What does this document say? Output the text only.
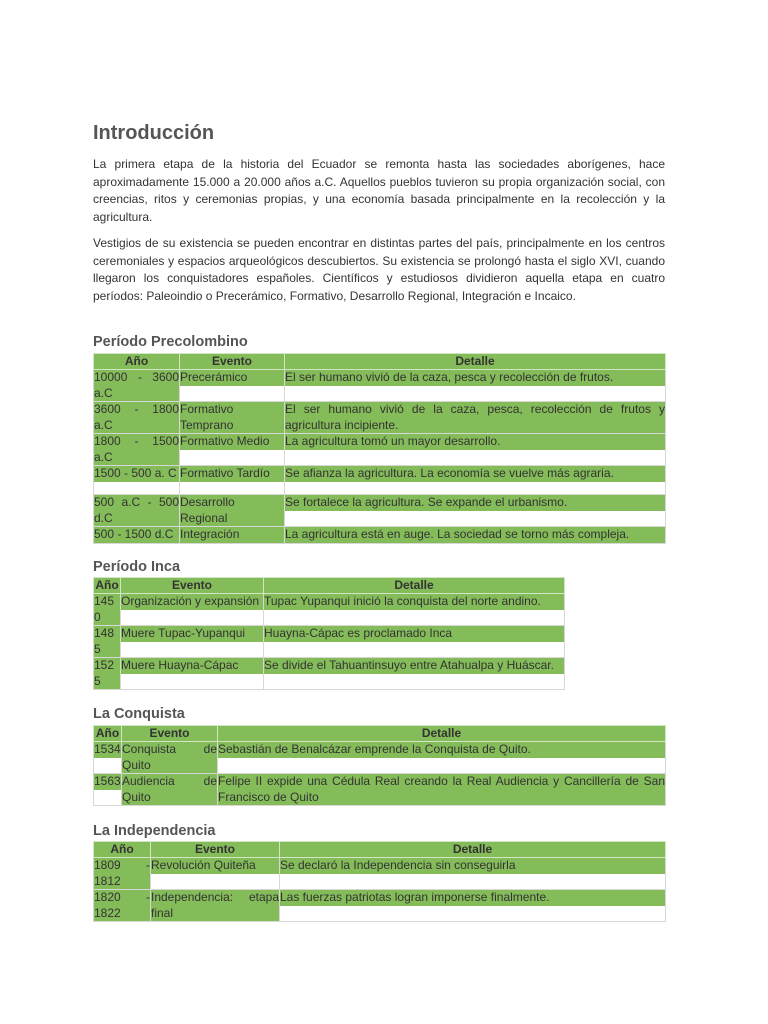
Introducción

La primera etapa de la historia del Ecuador se remonta hasta las sociedades aborígenes, hace aproximadamente 15.000 a 20.000 años a.C. Aquellos pueblos tuvieron su propia organización social, con creencias, ritos y ceremonias propias, y una economía basada principalmente en la recolección y la agricultura.

Vestigios de su existencia se pueden encontrar en distintas partes del país, principalmente en los centros ceremoniales y espacios arqueológicos descubiertos. Su existencia se prolongó hasta el siglo XVI, cuando llegaron los conquistadores españoles. Científicos y estudiosos dividieron aquella etapa en cuatro períodos: Paleoindio o Precerámico, Formativo, Desarrollo Regional, Integración e Incaico.

Período Precolombino
Año	Evento	Detalle

10000 - 3600 a.C	Precerámico	El ser humano vivió de la caza, pesca y recolección de frutos.

3600 - 1800 a.C	Formativo Temprano	El ser humano vivió de la caza, pesca, recolección de frutos y agricultura incipiente.

1800 - 1500 a.C	Formativo Medio	La agricultura tomó un mayor desarrollo.

1500 - 500 a. C	Formativo Tardío	Se afianza la agricultura. La economía se vuelve más agraria.

500 a.C - 500 d.C	Desarrollo Regional	Se fortalece la agricultura. Se expande el urbanismo.

500 - 1500 d.C	Integración	La agricultura está en auge. La sociedad se torno más compleja.
Período Inca
Año	Evento	Detalle

1450	Organización y expansión	Tupac Yupanqui inició la conquista del norte andino.

1485	Muere Tupac-Yupanqui	Huayna-Cápac es proclamado Inca

1525	Muere Huayna-Cápac	Se divide el Tahuantinsuyo entre Atahualpa y Huáscar.
La Conquista
Año	Evento	Detalle

1534	Conquista de Quito	Sebastián de Benalcázar emprende la Conquista de Quito.

1563	Audiencia de Quito	Felipe II expide una Cédula Real creando la Real Audiencia y Cancillería de San Francisco de Quito
La Independencia
Año	Evento	Detalle

1809 - 1812	Revolución Quiteña	Se declaró la Independencia sin conseguirla

1820 - 1822	Independencia: etapa final	Las fuerzas patriotas logran imponerse finalmente.
